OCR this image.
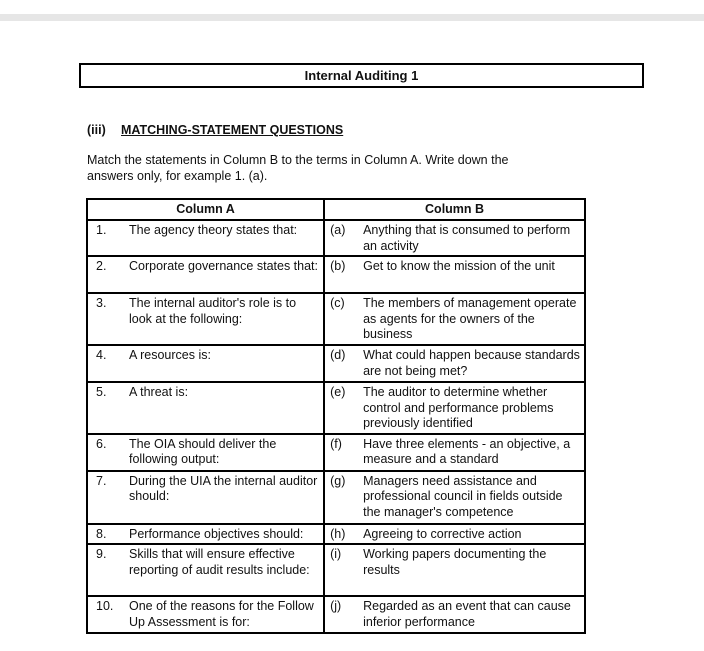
Internal Auditing 1
(iii) MATCHING-STATEMENT QUESTIONS
Match the statements in Column B to the terms in Column A. Write down the answers only, for example 1. (a).
Column A	Column B

1. The agency theory states that:	(a) Anything that is consumed to perform an activity

2. Corporate governance states that:	(b) Get to know the mission of the unit

3. The internal auditor's role is to look at the following:	(c) The members of management operate as agents for the owners of the business

4. A resources is:	(d) What could happen because standards are not being met?

5. A threat is:	(e) The auditor to determine whether control and performance problems previously identified

6. The OIA should deliver the following output:	(f) Have three elements - an objective, a measure and a standard

7. During the UIA the internal auditor should:	(g) Managers need assistance and professional council in fields outside the manager's competence

8. Performance objectives should:	(h) Agreeing to corrective action

9. Skills that will ensure effective reporting of audit results include:	(i) Working papers documenting the results

10. One of the reasons for the Follow Up Assessment is for:	(j) Regarded as an event that can cause inferior performance
